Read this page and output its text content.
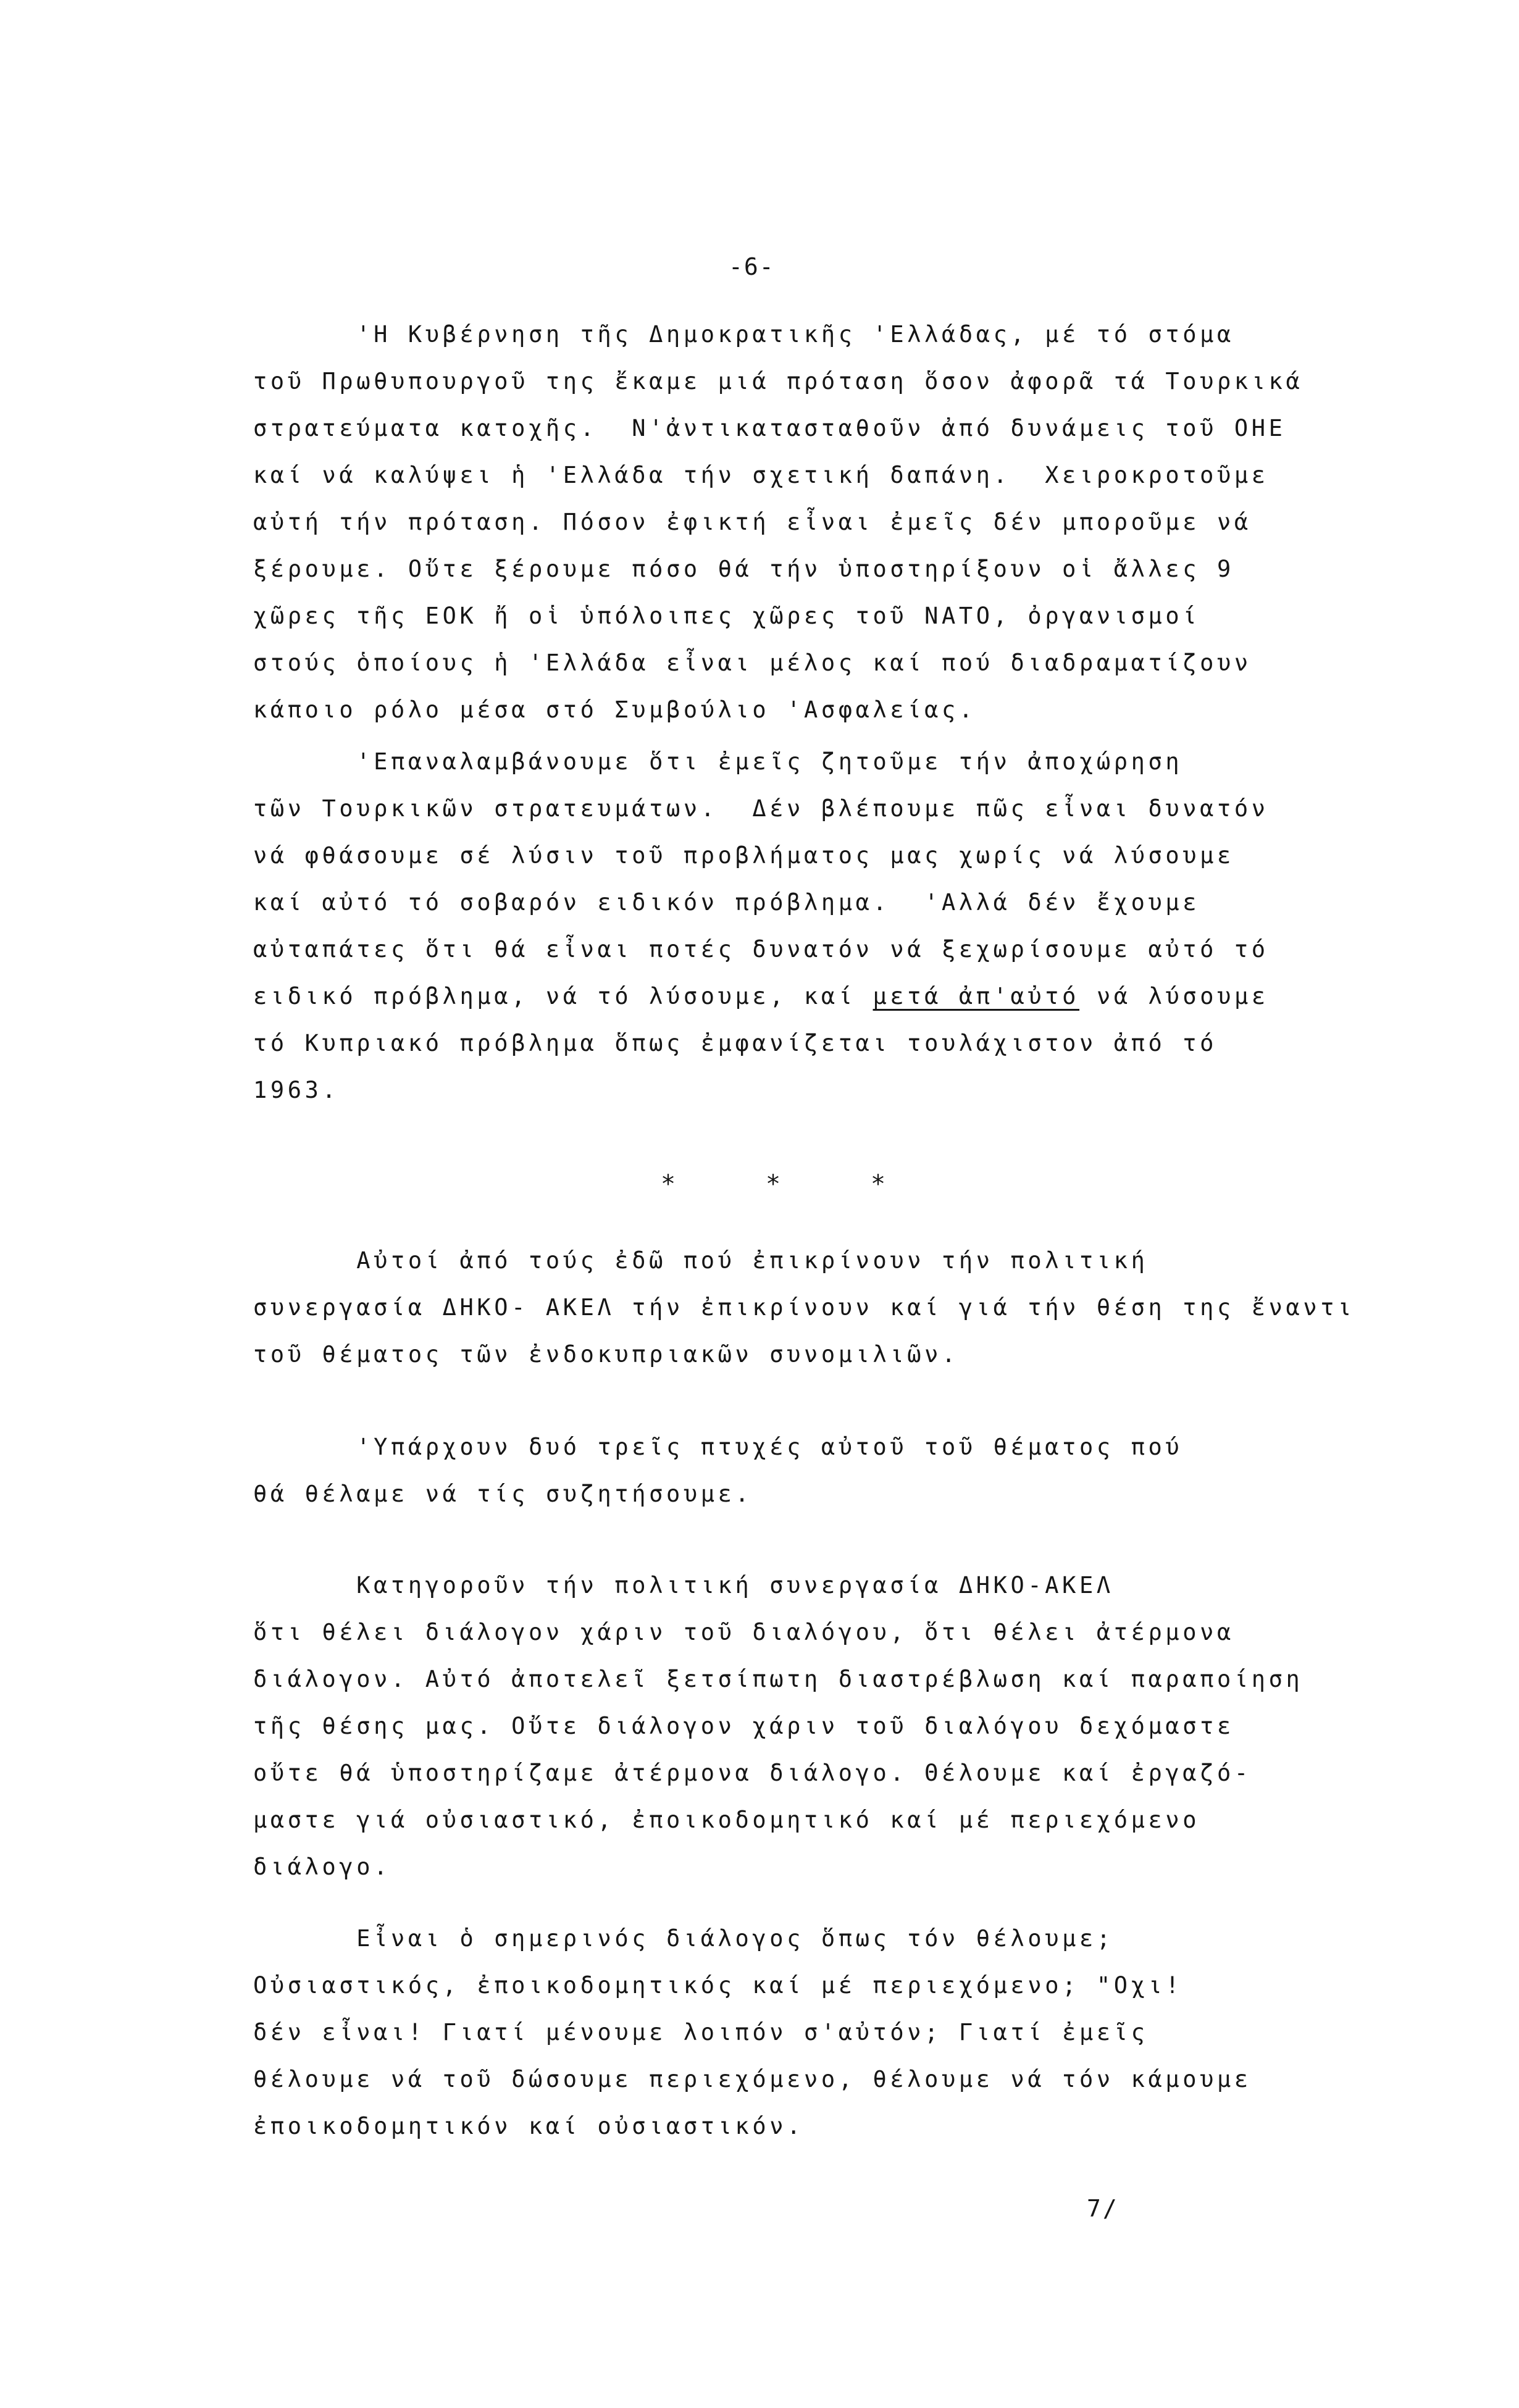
-6-
'Η Κυβέρνηση τῆς Δημοκρατικῆς 'Ελλάδας, μέ τό στόμα
τοῦ Πρωθυπουργοῦ της ἔκαμε μιά πρόταση ὅσον ἀφορᾶ τά Τουρκικά
στρατεύματα κατοχῆς.  Ν'ἀντικατασταθοῦν ἀπό δυνάμεις τοῦ ΟΗΕ
καί νά καλύψει ἡ 'Ελλάδα τήν σχετική δαπάνη.  Χειροκροτοῦμε
αὐτή τήν πρόταση. Πόσον ἐφικτή εἶναι ἐμεῖς δέν μποροῦμε νά
ξέρουμε. Οὔτε ξέρουμε πόσο θά τήν ὑποστηρίξουν οἱ ἄλλες 9
χῶρες τῆς ΕΟΚ ἤ οἱ ὑπόλοιπες χῶρες τοῦ ΝΑΤΟ, ὀργανισμοί
στούς ὁποίους ἡ 'Ελλάδα εἶναι μέλος καί πού διαδραματίζουν
κάποιο ρόλο μέσα στό Συμβούλιο 'Ασφαλείας.
'Επαναλαμβάνουμε ὅτι ἐμεῖς ζητοῦμε τήν ἀποχώρηση
τῶν Τουρκικῶν στρατευμάτων.  Δέν βλέπουμε πῶς εἶναι δυνατόν
νά φθάσουμε σέ λύσιν τοῦ προβλήματος μας χωρίς νά λύσουμε
καί αὐτό τό σοβαρόν ειδικόν πρόβλημα.  'Αλλά δέν ἔχουμε
αὐταπάτες ὅτι θά εἶναι ποτές δυνατόν νά ξεχωρίσουμε αὐτό τό
ειδικό πρόβλημα, νά τό λύσουμε, καί μετά ἀπ'αὐτό νά λύσουμε
τό Κυπριακό πρόβλημα ὅπως ἐμφανίζεται τουλάχιστον ἀπό τό
1963.
*	*	*
Αὐτοί ἀπό τούς ἐδῶ πού ἐπικρίνουν τήν πολιτική
συνεργασία ΔΗΚΟ- ΑΚΕΛ τήν ἐπικρίνουν καί γιά τήν θέση της ἔναντι
τοῦ θέματος τῶν ἐνδοκυπριακῶν συνομιλιῶν.
'Υπάρχουν δυό τρεῖς πτυχές αὐτοῦ τοῦ θέματος πού
θά θέλαμε νά τίς συζητήσουμε.
Κατηγοροῦν τήν πολιτική συνεργασία ΔΗΚΟ-ΑΚΕΛ
ὅτι θέλει διάλογον χάριν τοῦ διαλόγου, ὅτι θέλει ἀτέρμονα
διάλογον. Αὐτό ἀποτελεῖ ξετσίπωτη διαστρέβλωση καί παραποίηση
τῆς θέσης μας. Οὔτε διάλογον χάριν τοῦ διαλόγου δεχόμαστε
οὔτε θά ὑποστηρίζαμε ἀτέρμονα διάλογο. Θέλουμε καί ἐργαζό-
μαστε γιά οὐσιαστικό, ἐποικοδομητικό καί μέ περιεχόμενο
διάλογο.
Εἶναι ὁ σημερινός διάλογος ὅπως τόν θέλουμε;
Οὐσιαστικός, ἐποικοδομητικός καί μέ περιεχόμενο; "Οχι!
δέν εἶναι! Γιατί μένουμε λοιπόν σ'αὐτόν; Γιατί ἐμεῖς
θέλουμε νά τοῦ δώσουμε περιεχόμενο, θέλουμε νά τόν κάμουμε
ἐποικοδομητικόν καί οὐσιαστικόν.
7/
